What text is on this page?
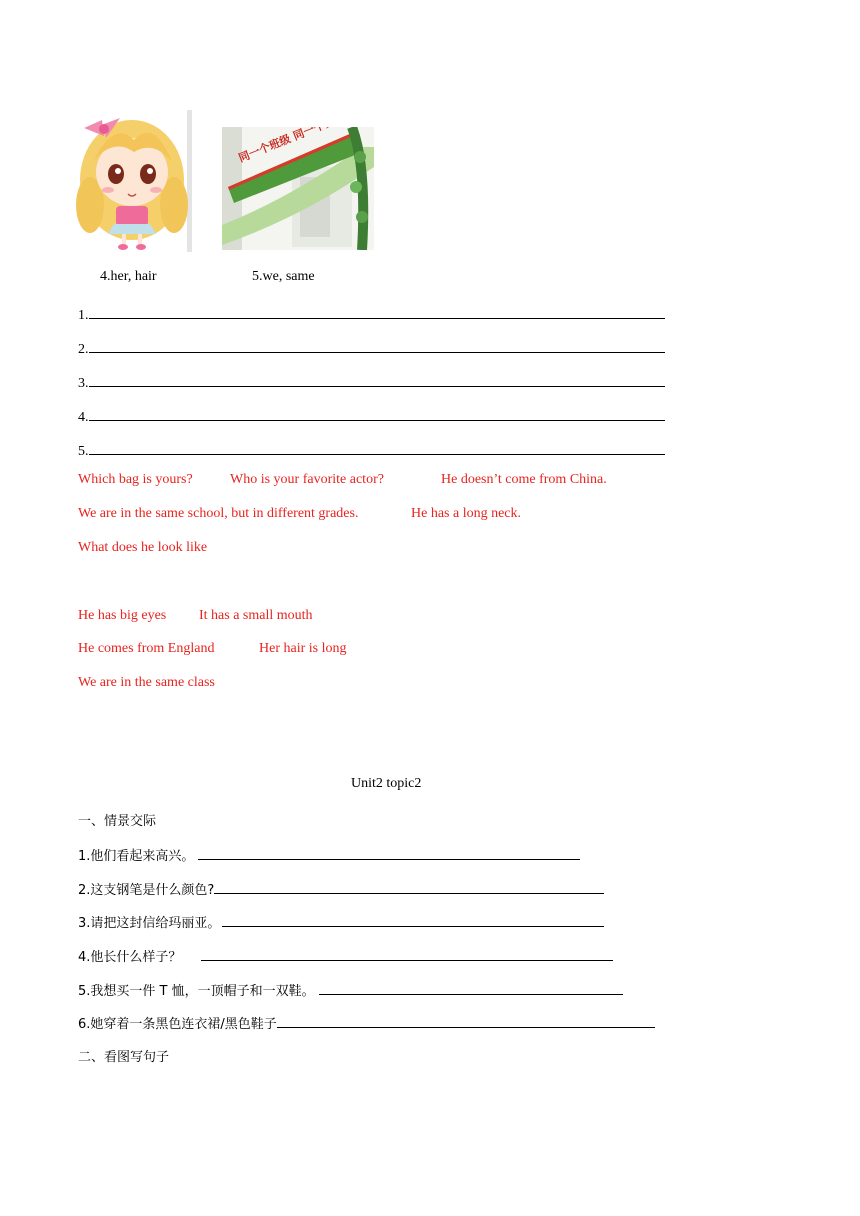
4.her, hair	5.we, same
1.
2.
3.
4.
5.
Which bag is yours?	Who is your favorite actor?	He doesn’t come from China.
We are in the same school, but in different grades.	He has a long neck.
What does he look like
He has big eyes It has a small mouth
He comes from England	Her hair is long
We are in the same class
Unit2 topic2
一、情景交际
1.他们看起来高兴。
2.这支钢笔是什么颜色?
3.请把这封信给玛丽亚。
4.他长什么样子？
5.我想买一件 T 恤，一顶帽子和一双鞋。
6.她穿着一条黑色连衣裙/黑色鞋子
二、看图写句子
